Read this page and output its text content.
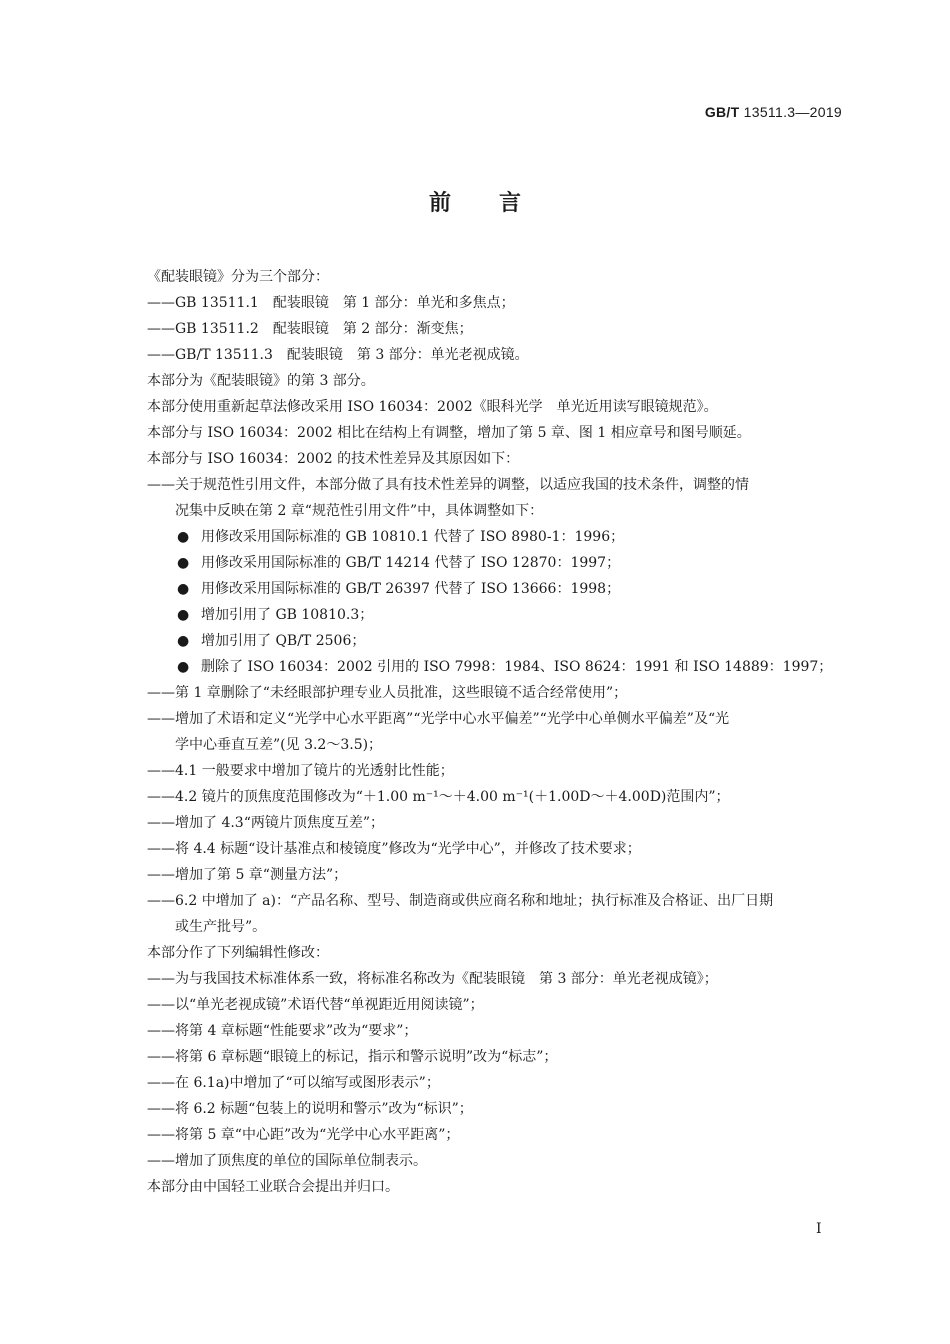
GB/T 13511.3—2019
前言
《配装眼镜》分为三个部分：
——GB 13511.1　配装眼镜　第 1 部分：单光和多焦点；
——GB 13511.2　配装眼镜　第 2 部分：渐变焦；
——GB/T 13511.3　配装眼镜　第 3 部分：单光老视成镜。
本部分为《配装眼镜》的第 3 部分。
本部分使用重新起草法修改采用 ISO 16034：2002《眼科光学　单光近用读写眼镜规范》。
本部分与 ISO 16034：2002 相比在结构上有调整，增加了第 5 章、图 1 相应章号和图号顺延。
本部分与 ISO 16034：2002 的技术性差异及其原因如下：
——关于规范性引用文件，本部分做了具有技术性差异的调整，以适应我国的技术条件，调整的情
况集中反映在第 2 章“规范性引用文件”中，具体调整如下：
● 用修改采用国际标准的 GB 10810.1 代替了 ISO 8980-1：1996；
● 用修改采用国际标准的 GB/T 14214 代替了 ISO 12870：1997；
● 用修改采用国际标准的 GB/T 26397 代替了 ISO 13666：1998；
● 增加引用了 GB 10810.3；
● 增加引用了 QB/T 2506；
● 删除了 ISO 16034：2002 引用的 ISO 7998：1984、ISO 8624：1991 和 ISO 14889：1997；
——第 1 章删除了“未经眼部护理专业人员批准，这些眼镜不适合经常使用”；
——增加了术语和定义“光学中心水平距离”“光学中心水平偏差”“光学中心单侧水平偏差”及“光
学中心垂直互差”(见 3.2～3.5)；
——4.1 一般要求中增加了镜片的光透射比性能；
——4.2 镜片的顶焦度范围修改为“＋1.00 m⁻¹～＋4.00 m⁻¹(＋1.00D～＋4.00D)范围内”；
——增加了 4.3“两镜片顶焦度互差”；
——将 4.4 标题“设计基准点和棱镜度”修改为“光学中心”，并修改了技术要求；
——增加了第 5 章“测量方法”；
——6.2 中增加了 a)：“产品名称、型号、制造商或供应商名称和地址；执行标准及合格证、出厂日期
或生产批号”。
本部分作了下列编辑性修改：
——为与我国技术标准体系一致，将标准名称改为《配装眼镜　第 3 部分：单光老视成镜》；
——以“单光老视成镜”术语代替“单视距近用阅读镜”；
——将第 4 章标题“性能要求”改为“要求”；
——将第 6 章标题“眼镜上的标记，指示和警示说明”改为“标志”；
——在 6.1a)中增加了“可以缩写或图形表示”；
——将 6.2 标题“包装上的说明和警示”改为“标识”；
——将第 5 章“中心距”改为“光学中心水平距离”；
——增加了顶焦度的单位的国际单位制表示。
本部分由中国轻工业联合会提出并归口。
I
